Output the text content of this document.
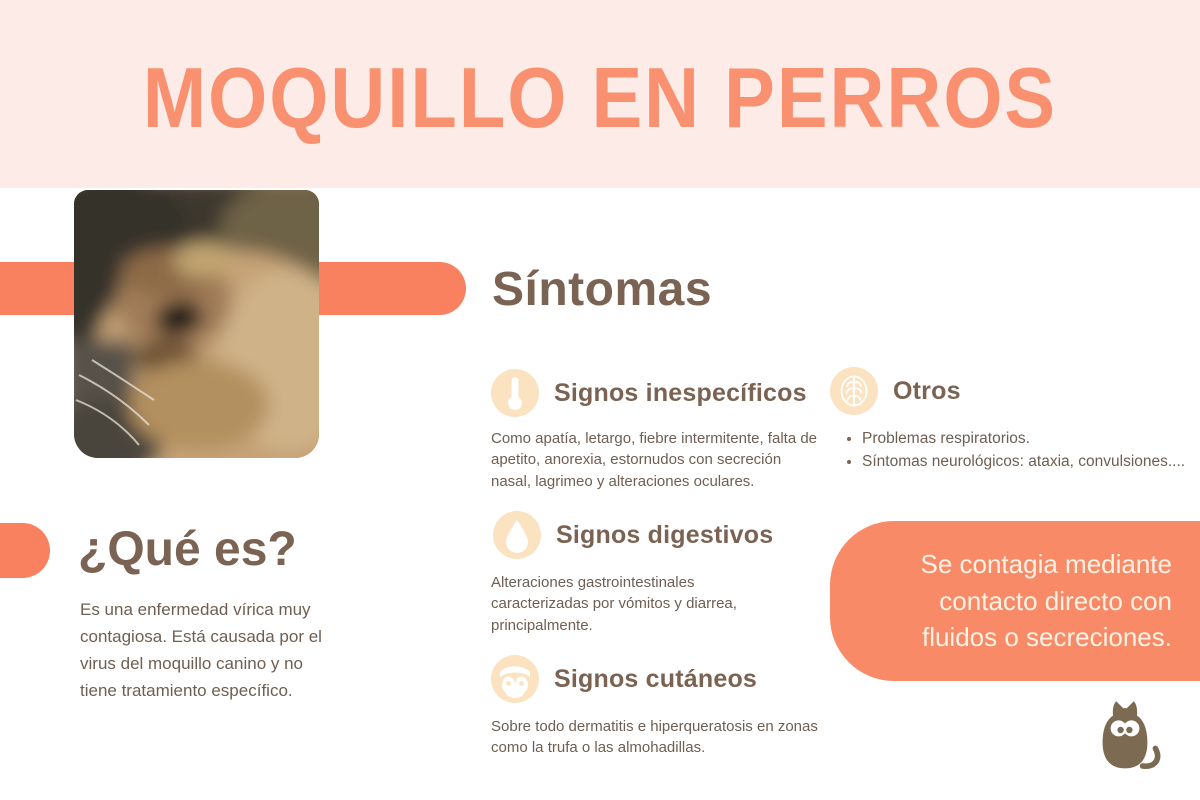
MOQUILLO EN PERROS
Síntomas
Signos inespecíficos
Como apatía, letargo, fiebre intermitente, falta de apetito, anorexia, estornudos con secreción nasal, lagrimeo y alteraciones oculares.
Signos digestivos
Alteraciones gastrointestinales caracterizadas por vómitos y diarrea, principalmente.
Signos cutáneos
Sobre todo dermatitis e hiperqueratosis en zonas como la trufa o las almohadillas.
Otros
• Problemas respiratorios.
• Síntomas neurológicos: ataxia, convulsiones....
Se contagia mediante contacto directo con fluidos o secreciones.
¿Qué es?
Es una enfermedad vírica muy contagiosa. Está causada por el virus del moquillo canino y no tiene tratamiento específico.
